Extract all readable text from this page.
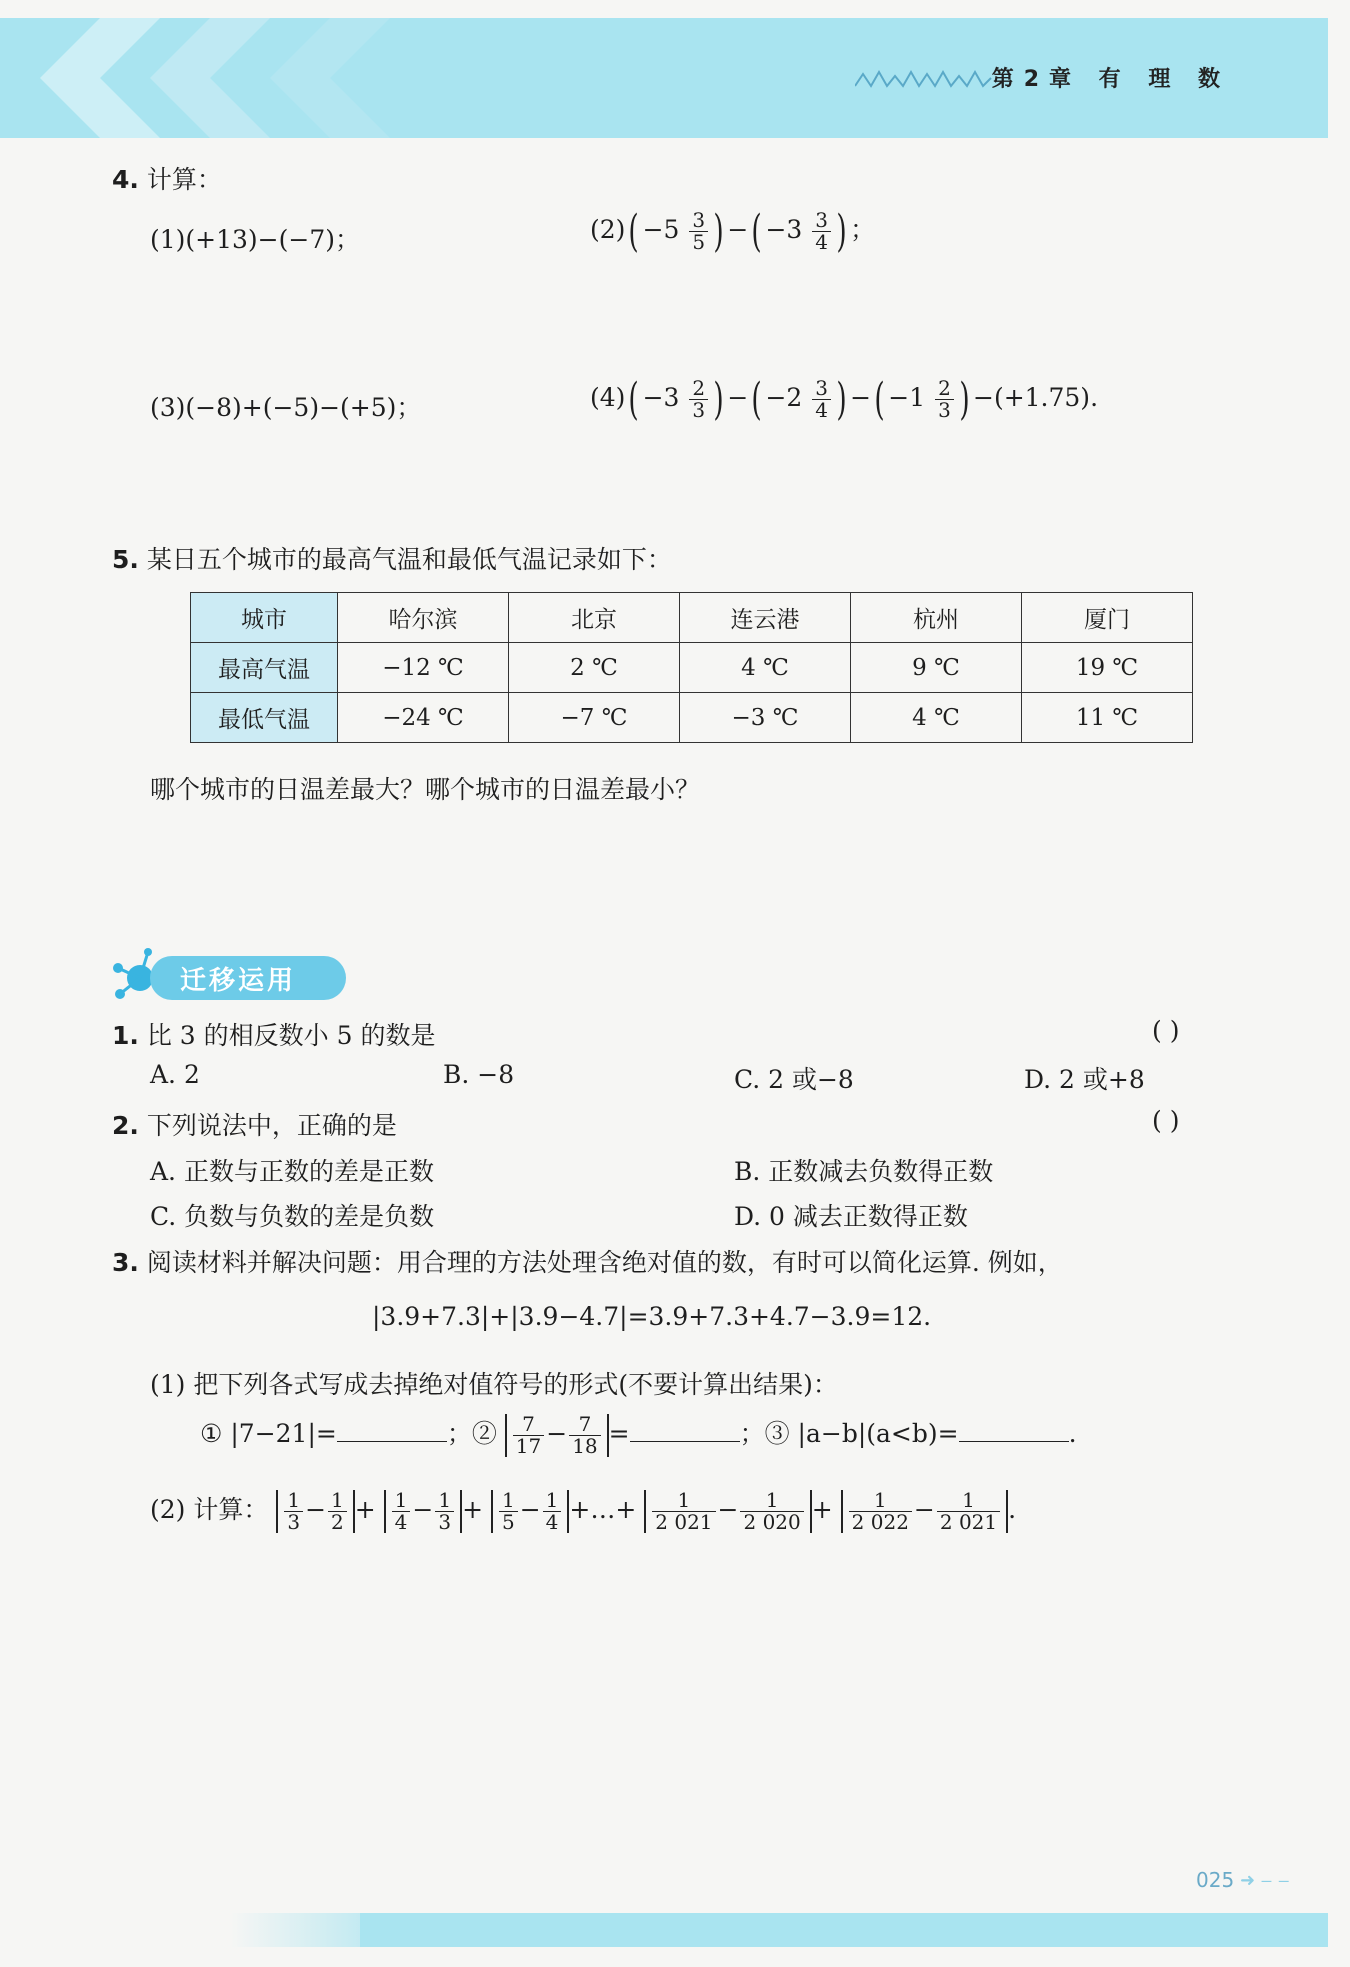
第2章 有 理 数
4. 计算：
(1)(+13)−(−7)；	$(2)( -5 \frac{3}{5}$ ) −( $-3 \frac{3}{4}$ ) ；
(3)(−8)+(−5)−(+5)；	$(4)( -3 \frac{2}{3}$ ) −( $-2 \frac{3}{4}$ ) −( $-1 \frac{2}{3}$ ) −(+1.75).
5. 某日五个城市的最高气温和最低气温记录如下：
城市	哈尔滨	北京	连云港	杭州	厦门
最高气温	−12 ℃	2 ℃	4 ℃	9 ℃	19 ℃
最低气温	−24 ℃	−7 ℃	−3 ℃	4 ℃	11 ℃
哪个城市的日温差最大？哪个城市的日温差最小？
迁移运用
1. 比 3 的相反数小 5 的数是	( )
A. 2	B. −8	C. 2 或−8	D. 2 或+8
2. 下列说法中，正确的是	( )
A. 正数与正数的差是正数	B. 正数减去负数得正数
C. 负数与负数的差是负数	D. 0 减去正数得正数
3. 阅读材料并解决问题：用合理的方法处理含绝对值的数，有时可以简化运算. 例如，
|3.9+7.3|+|3.9−4.7|=3.9+7.3+4.7−3.9=12.
(1) 把下列各式写成去掉绝对值符号的形式(不要计算出结果)：
① |7−21|=	；② $\frac{7}{17} - \frac{7}{18}$ =	；③ |a−b|(a<b)=	.
(2) 计算： $\frac{1}{3} - \frac{1}{2} + \frac{1}{4} - \frac{1}{3} + \frac{1}{5} - \frac{1}{4}$ +…+ $\frac{1}{2 021} - \frac{1}{2 020} + \frac{1}{2 022} - \frac{1}{2 021}$ .
025 ➜ ‒ ‒
